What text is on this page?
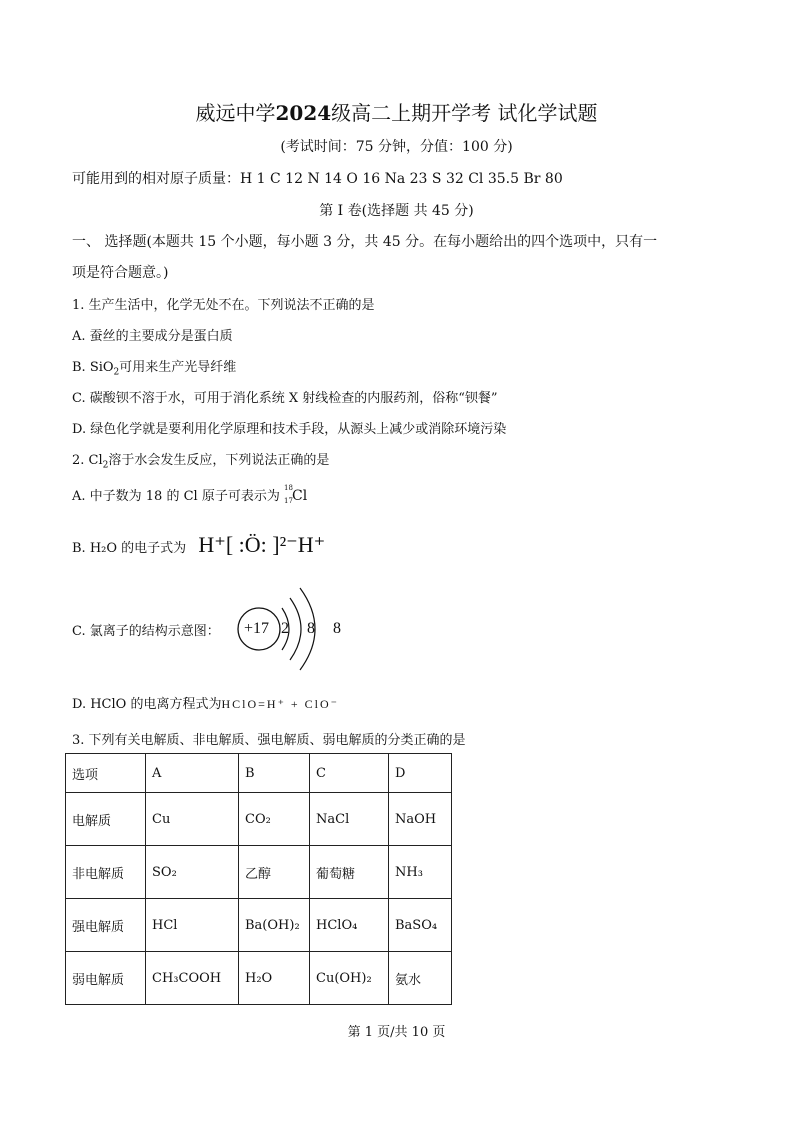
威远中学2024级高二上期开学考 试化学试题
(考试时间：75 分钟，分值：100 分)
可能用到的相对原子质量：H 1 C 12 N 14 O 16 Na 23 S 32 Cl 35.5 Br 80
第 I 卷(选择题 共 45 分)
一、 选择题(本题共 15 个小题，每小题 3 分，共 45 分。在每小题给出的四个选项中，只有一
项是符合题意。)
1. 生产生活中，化学无处不在。下列说法不正确的是
A. 蚕丝的主要成分是蛋白质
B. SiO$_2$可用来生产光导纤维
C. 碳酸钡不溶于水，可用于消化系统 X 射线检查的内服药剂，俗称“钡餐”
D. 绿色化学就是要利用化学原理和技术手段，从源头上减少或消除环境污染
2. $Cl_2$溶于水会发生反应，下列说法正确的是
A. 中子数为 18 的 Cl 原子可表示为
18
17 Cl
B. H₂O 的电子式为 H⁺[ :Ö: ]²⁻H⁺
C. 氯离子的结构示意图： +17 2 8 8
D. HClO 的电离方程式为HClO=H⁺ + ClO⁻
3. 下列有关电解质、非电解质、强电解质、弱电解质的分类正确的是
选项	A	B	C	D
电解质	Cu	CO₂	NaCl	NaOH
非电解质	SO₂	乙醇	葡萄糖	NH₃
强电解质	HCl	Ba(OH)₂	HClO₄	BaSO₄
弱电解质	CH₃COOH	H₂O	Cu(OH)₂	氨水
第 1 页/共 10 页
